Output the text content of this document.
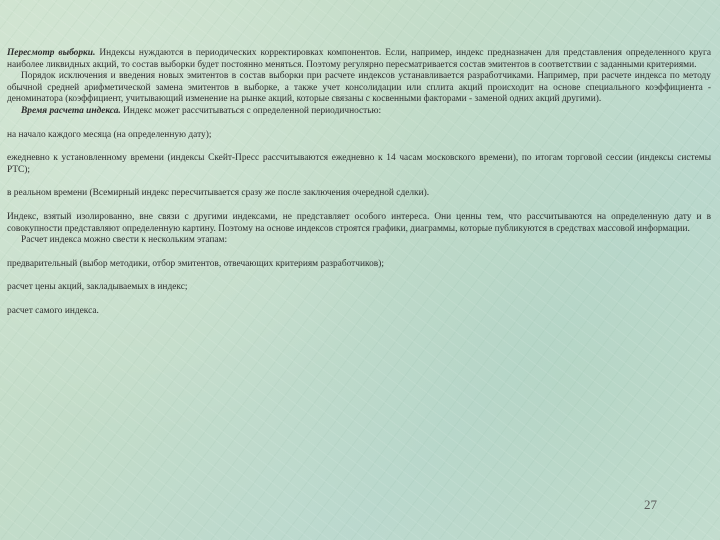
Пересмотр выборки. Индексы нуждаются в периодических корректировках компонентов. Если, например, индекс предназначен для представления определенного круга наиболее ликвидных акций, то состав выборки будет постоянно меняться. Поэтому регулярно пересматривается состав эмитентов в соответствии с заданными критериями.

Порядок исключения и введения новых эмитентов в состав выборки при расчете индексов устанавливается разработчиками. Например, при расчете индекса по методу обычной средней арифметической замена эмитентов в выборке, а также учет консолидации или сплита акций происходит на основе специального коэффициента - деноминатора (коэффициент, учитывающий изменение на рынке акций, которые связаны с косвенными факторами - заменой одних акций другими).

Время расчета индекса. Индекс может рассчитываться с определенной периодичностью:

на начало каждого месяца (на определенную дату);

ежедневно к установленному времени (индексы Скейт-Пресс рассчитываются ежедневно к 14 часам московского времени), по итогам торговой сессии (индексы системы РТС);

в реальном времени (Всемирный индекс пересчитывается сразу же после заключения очередной сделки).

Индекс, взятый изолированно, вне связи с другими индексами, не представляет особого интереса. Они ценны тем, что рассчитываются на определенную дату и в совокупности представляют определенную картину. Поэтому на основе индексов строятся графики, диаграммы, которые публикуются в средствах массовой информации.

Расчет индекса можно свести к нескольким этапам:

предварительный (выбор методики, отбор эмитентов, отвечающих критериям разработчиков);

расчет цены акций, закладываемых в индекс;

расчет самого индекса.

27
